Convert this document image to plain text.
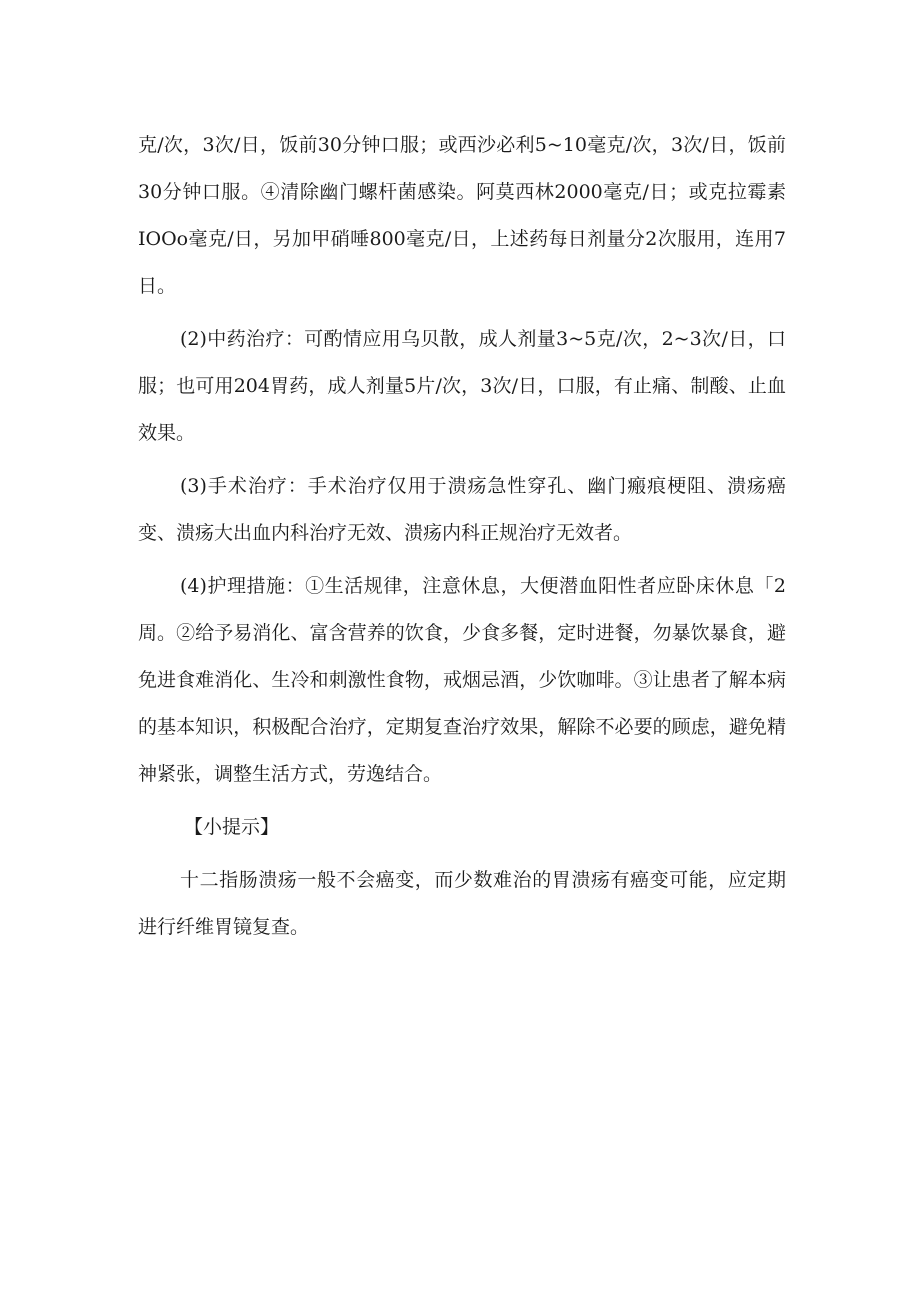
克/次，3次/日，饭前30分钟口服；或西沙必利5~10毫克/次，3次/日，饭前30分钟口服。④清除幽门螺杆菌感染。阿莫西林2000毫克/日；或克拉霉素IOOo毫克/日，另加甲硝唾800毫克/日，上述药每日剂量分2次服用，连用7日。

(2)中药治疗：可酌情应用乌贝散，成人剂量3~5克/次，2~3次/日，口服；也可用204胃药，成人剂量5片/次，3次/日，口服，有止痛、制酸、止血效果。

(3)手术治疗：手术治疗仅用于溃疡急性穿孔、幽门瘢痕梗阻、溃疡癌变、溃疡大出血内科治疗无效、溃疡内科正规治疗无效者。

(4)护理措施：①生活规律，注意休息，大便潜血阳性者应卧床休息「2周。②给予易消化、富含营养的饮食，少食多餐，定时进餐，勿暴饮暴食，避免进食难消化、生冷和刺激性食物，戒烟忌酒，少饮咖啡。③让患者了解本病的基本知识，积极配合治疗，定期复查治疗效果，解除不必要的顾虑，避免精神紧张，调整生活方式，劳逸结合。

【小提示】

十二指肠溃疡一般不会癌变，而少数难治的胃溃疡有癌变可能，应定期进行纤维胃镜复查。
